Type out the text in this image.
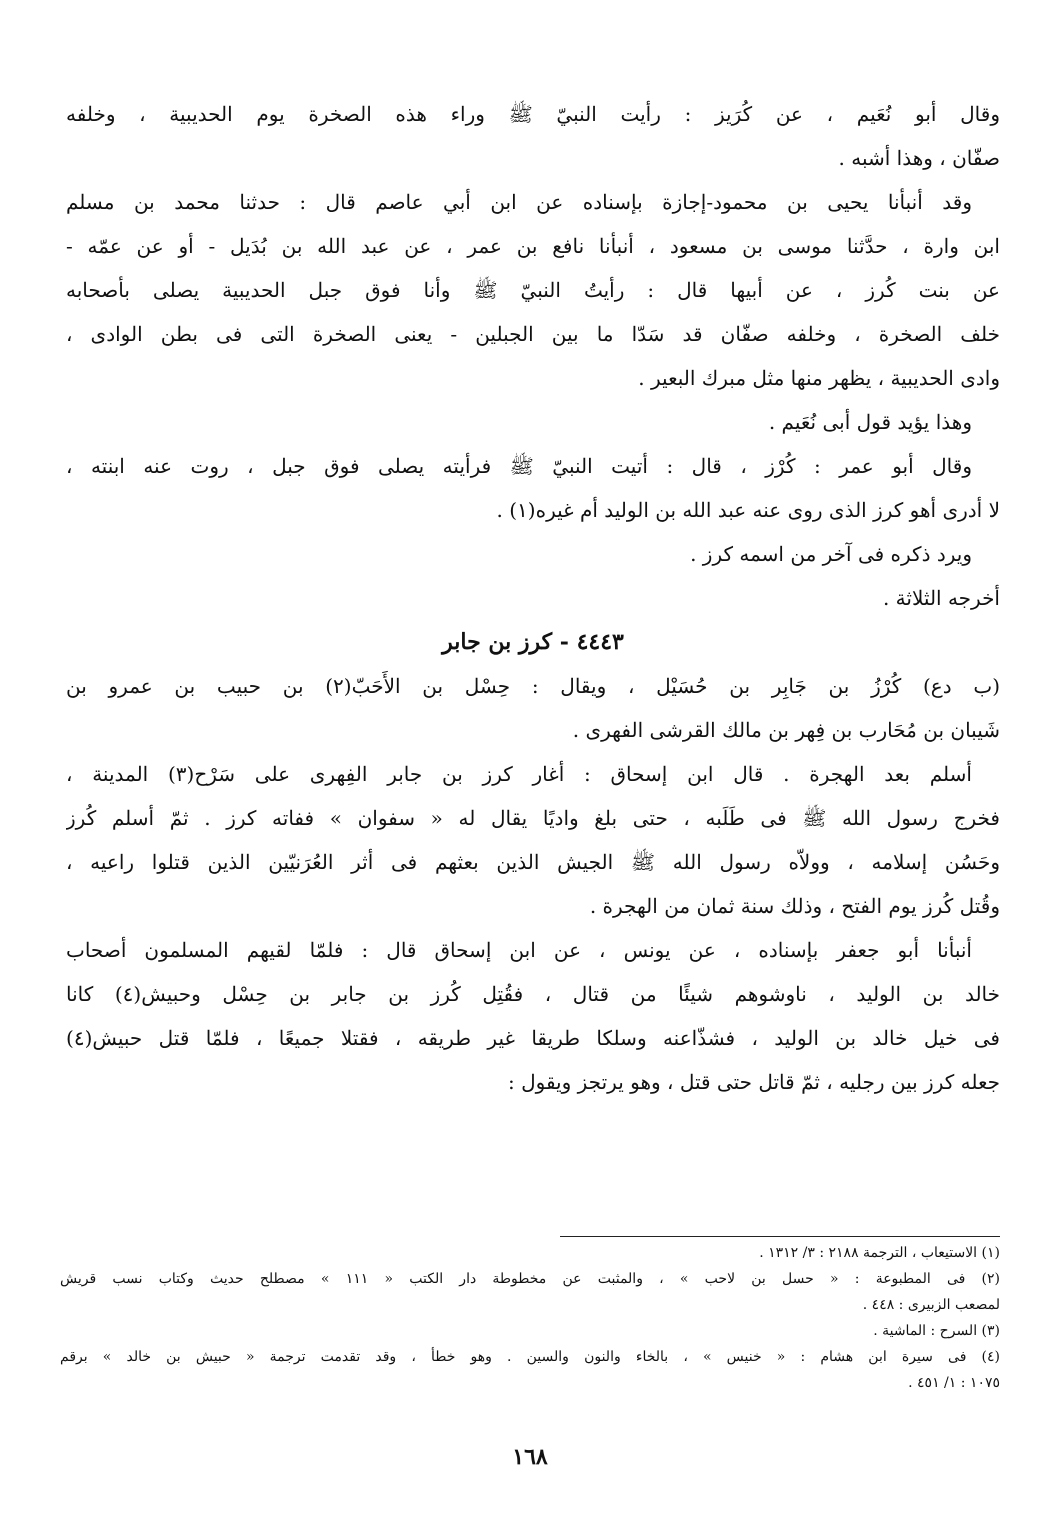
وقال أبو نُعَيم ، عن كُرَيز : رأيت النبيّ ﷺ وراء هذه الصخرة يوم الحديبية ، وخلفه
صفّان ، وهذا أشبه .
وقد أنبأنا يحيى بن محمود-إجازة بإسناده عن ابن أبي عاصم قال : حدثنا محمد بن مسلم
ابن وارة ، حدَّثنا موسى بن مسعود ، أنبأنا نافع بن عمر ، عن عبد الله بن بُدَيل - أو عن عمّه -
عن بنت كُرز ، عن أبيها قال : رأيتُ النبيّ ﷺ وأنا فوق جبل الحديبية يصلى بأصحابه
خلف الصخرة ، وخلفه صفّان قد سَدّا ما بين الجبلين - يعنى الصخرة التى فى بطن الوادى ،
وادى الحديبية ، يظهر منها مثل مبرك البعير .
وهذا يؤيد قول أبى نُعَيم .
وقال أبو عمر : كُرْز ، قال : أتيت النبيّ ﷺ فرأيته يصلى فوق جبل ، روت عنه ابنته ،
لا أدرى أهو كرز الذى روى عنه عبد الله بن الوليد أم غيره(١) .
ويرد ذكره فى آخر من اسمه كرز .
أخرجه الثلاثة .
٤٤٤٣ - كرز بن جابر
(ب دع) كُرْزُ بن جَابِر بن حُسَيْل ، ويقال : حِسْل بن الأَحَبّ(٢) بن حبيب بن عمرو بن
شَيبان بن مُحَارب بن فِهر بن مالك القرشى الفهرى .
أسلم بعد الهجرة . قال ابن إسحاق : أغار كرز بن جابر الفِهرى على سَرْح(٣) المدينة ،
فخرج رسول الله ﷺ فى طَلَبه ، حتى بلغ واديًا يقال له « سفوان » ففاته كرز . ثمّ أسلم كُرز
وحَسُن إسلامه ، وولاّه رسول الله ﷺ الجيش الذين بعثهم فى أثر العُرَنيّين الذين قتلوا راعيه ،
وقُتل كُرز يوم الفتح ، وذلك سنة ثمان من الهجرة .
أنبأنا أبو جعفر بإسناده ، عن يونس ، عن ابن إسحاق قال : فلمّا لقيهم المسلمون أصحاب
خالد بن الوليد ، ناوشوهم شيئًا من قتال ، فقُتِل كُرز بن جابر بن حِسْل وحبيش(٤) كانا
فى خيل خالد بن الوليد ، فشذّاعنه وسلكا طريقا غير طريقه ، فقتلا جميعًا ، فلمّا قتل حبيش(٤)
جعله كرز بين رجليه ، ثمّ قاتل حتى قتل ، وهو يرتجز ويقول :
(١) الاستيعاب ، الترجمة ٢١٨٨ : ٣/ ١٣١٢ .
(٢) فى المطبوعة : « حسل بن لاحب » ، والمثبت عن مخطوطة دار الكتب « ١١١ » مصطلح حديث وكتاب نسب قريش
لمصعب الزبيرى : ٤٤٨ .
(٣) السرح : الماشية .
(٤) فى سيرة ابن هشام : « خنيس » ، بالخاء والنون والسين . وهو خطأ ، وقد تقدمت ترجمة « حبيش بن خالد » برقم
١٠٧٥ : ١/ ٤٥١ .
١٦٨
